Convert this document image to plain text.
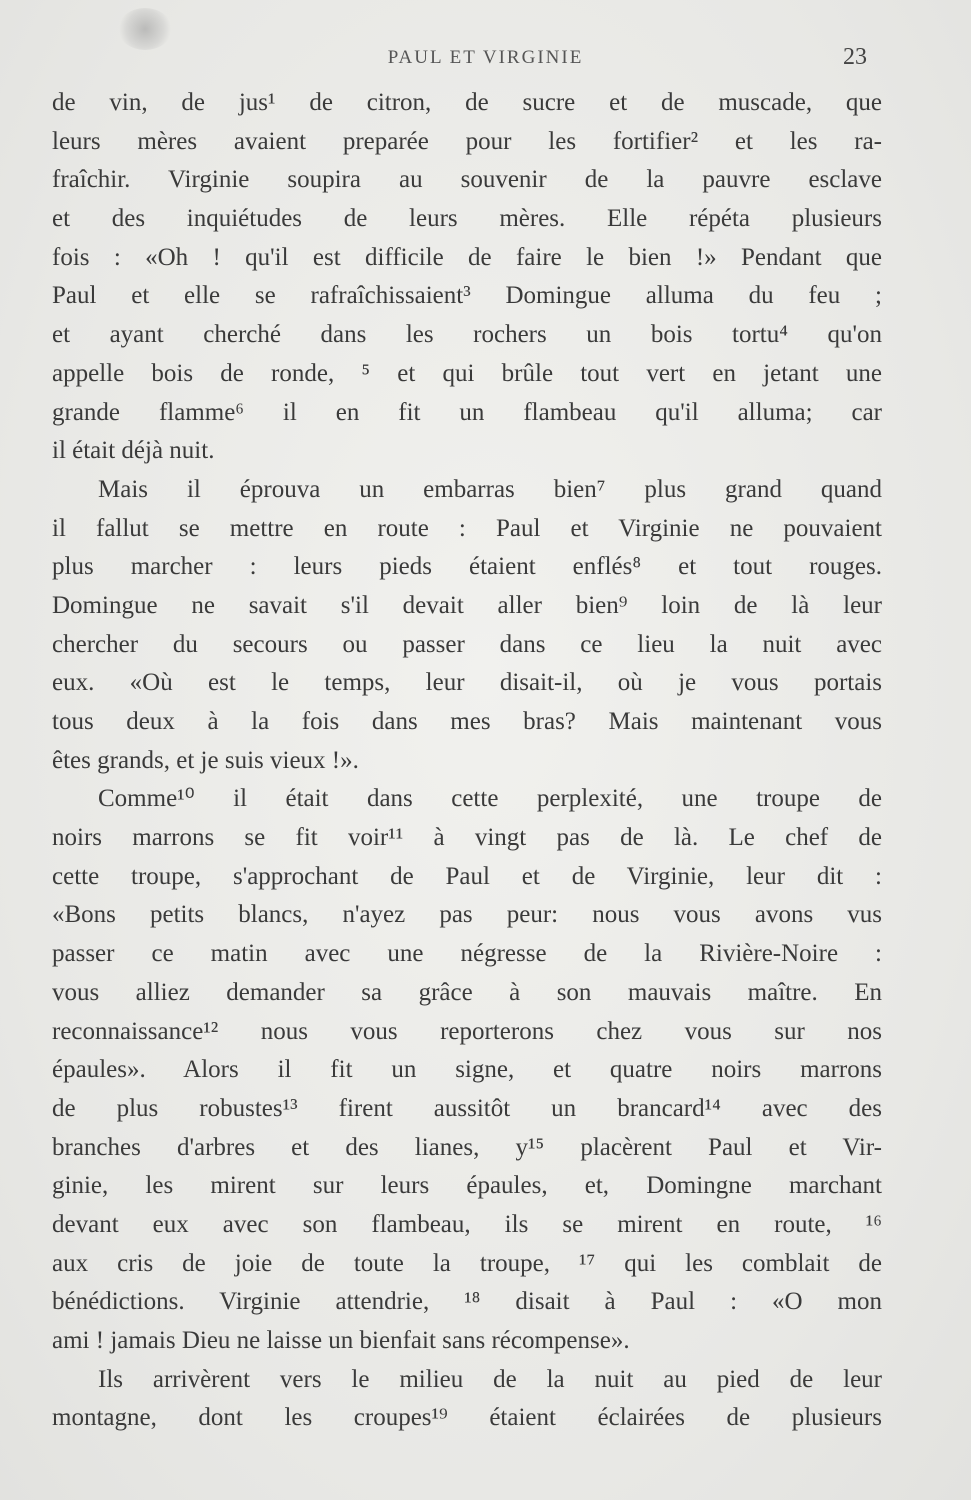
PAUL ET VIRGINIE	23
de vin, de jus¹ de citron, de sucre et de muscade, que
leurs mères avaient preparée pour les fortifier² et les ra-
fraîchir. Virginie soupira au souvenir de la pauvre esclave
et des inquiétudes de leurs mères. Elle répéta plusieurs
fois : «Oh ! qu'il est difficile de faire le bien !» Pendant que
Paul et elle se rafraîchissaient³ Domingue alluma du feu ;
et ayant cherché dans les rochers un bois tortu⁴ qu'on
appelle bois de ronde, ⁵ et qui brûle tout vert en jetant une
grande flamme⁶ il en fit un flambeau qu'il alluma; car
il était déjà nuit.
Mais il éprouva un embarras bien⁷ plus grand quand
il fallut se mettre en route : Paul et Virginie ne pouvaient
plus marcher : leurs pieds étaient enflés⁸ et tout rouges.
Domingue ne savait s'il devait aller bien⁹ loin de là leur
chercher du secours ou passer dans ce lieu la nuit avec
eux. «Où est le temps, leur disait-il, où je vous portais
tous deux à la fois dans mes bras? Mais maintenant vous
êtes grands, et je suis vieux !».
Comme¹⁰ il était dans cette perplexité, une troupe de
noirs marrons se fit voir¹¹ à vingt pas de là. Le chef de
cette troupe, s'approchant de Paul et de Virginie, leur dit :
«Bons petits blancs, n'ayez pas peur: nous vous avons vus
passer ce matin avec une négresse de la Rivière-Noire :
vous alliez demander sa grâce à son mauvais maître. En
reconnaissance¹² nous vous reporterons chez vous sur nos
épaules». Alors il fit un signe, et quatre noirs marrons
de plus robustes¹³ firent aussitôt un brancard¹⁴ avec des
branches d'arbres et des lianes, y¹⁵ placèrent Paul et Vir-
ginie, les mirent sur leurs épaules, et, Domingne marchant
devant eux avec son flambeau, ils se mirent en route, ¹⁶
aux cris de joie de toute la troupe, ¹⁷ qui les comblait de
bénédictions. Virginie attendrie, ¹⁸ disait à Paul : «O mon
ami ! jamais Dieu ne laisse un bienfait sans récompense».
Ils arrivèrent vers le milieu de la nuit au pied de leur
montagne, dont les croupes¹⁹ étaient éclairées de plusieurs
